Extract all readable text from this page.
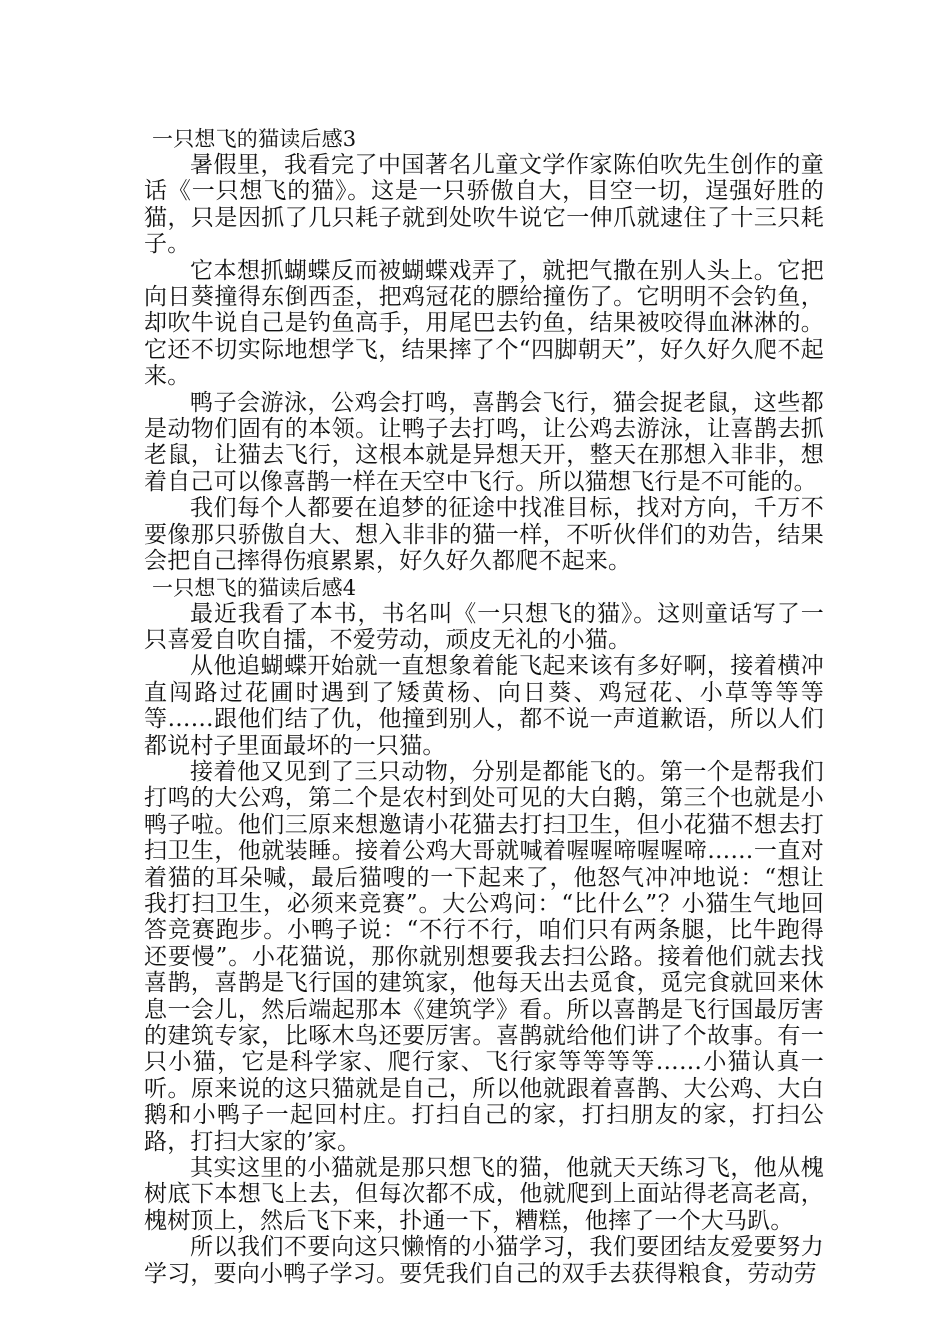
一只想飞的猫读后感3

暑假里，我看完了中国著名儿童文学作家陈伯吹先生创作的童话《一只想飞的猫》。这是一只骄傲自大，目空一切，逞强好胜的猫，只是因抓了几只耗子就到处吹牛说它一伸爪就逮住了十三只耗子。

它本想抓蝴蝶反而被蝴蝶戏弄了，就把气撒在别人头上。它把向日葵撞得东倒西歪，把鸡冠花的膘给撞伤了。它明明不会钓鱼，却吹牛说自己是钓鱼高手，用尾巴去钓鱼，结果被咬得血淋淋的。它还不切实际地想学飞，结果摔了个“四脚朝天”，好久好久爬不起来。

鸭子会游泳，公鸡会打鸣，喜鹊会飞行，猫会捉老鼠，这些都是动物们固有的本领。让鸭子去打鸣，让公鸡去游泳，让喜鹊去抓老鼠，让猫去飞行，这根本就是异想天开，整天在那想入非非，想着自己可以像喜鹊一样在天空中飞行。所以猫想飞行是不可能的。

我们每个人都要在追梦的征途中找准目标，找对方向，千万不要像那只骄傲自大、想入非非的猫一样，不听伙伴们的劝告，结果会把自己摔得伤痕累累，好久好久都爬不起来。

一只想飞的猫读后感4

最近我看了本书，书名叫《一只想飞的猫》。这则童话写了一只喜爱自吹自擂，不爱劳动，顽皮无礼的小猫。

从他追蝴蝶开始就一直想象着能飞起来该有多好啊，接着横冲直闯路过花圃时遇到了矮黄杨、向日葵、鸡冠花、小草等等等等……跟他们结了仇，他撞到别人，都不说一声道歉语，所以人们都说村子里面最坏的一只猫。

接着他又见到了三只动物，分别是都能飞的。第一个是帮我们打鸣的大公鸡，第二个是农村到处可见的大白鹅，第三个也就是小鸭子啦。他们三原来想邀请小花猫去打扫卫生，但小花猫不想去打扫卫生，他就装睡。接着公鸡大哥就喊着喔喔啼喔喔啼……一直对着猫的耳朵喊，最后猫嗖的一下起来了，他怒气冲冲地说：“想让我打扫卫生，必须来竞赛”。大公鸡问：“比什么”？小猫生气地回答竞赛跑步。小鸭子说：“不行不行，咱们只有两条腿，比牛跑得还要慢”。小花猫说，那你就别想要我去扫公路。接着他们就去找喜鹊，喜鹊是飞行国的建筑家，他每天出去觅食，觅完食就回来休息一会儿，然后端起那本《建筑学》看。所以喜鹊是飞行国最厉害的建筑专家，比啄木鸟还要厉害。喜鹊就给他们讲了个故事。有一只小猫，它是科学家、爬行家、飞行家等等等等……小猫认真一听。原来说的这只猫就是自己，所以他就跟着喜鹊、大公鸡、大白鹅和小鸭子一起回村庄。打扫自己的家，打扫朋友的家，打扫公路，打扫大家的’家。

其实这里的小猫就是那只想飞的猫，他就天天练习飞，他从槐树底下本想飞上去，但每次都不成，他就爬到上面站得老高老高，槐树顶上，然后飞下来，扑通一下，糟糕，他摔了一个大马趴。

所以我们不要向这只懒惰的小猫学习，我们要团结友爱要努力学习，要向小鸭子学习。要凭我们自己的双手去获得粮食，劳动劳
